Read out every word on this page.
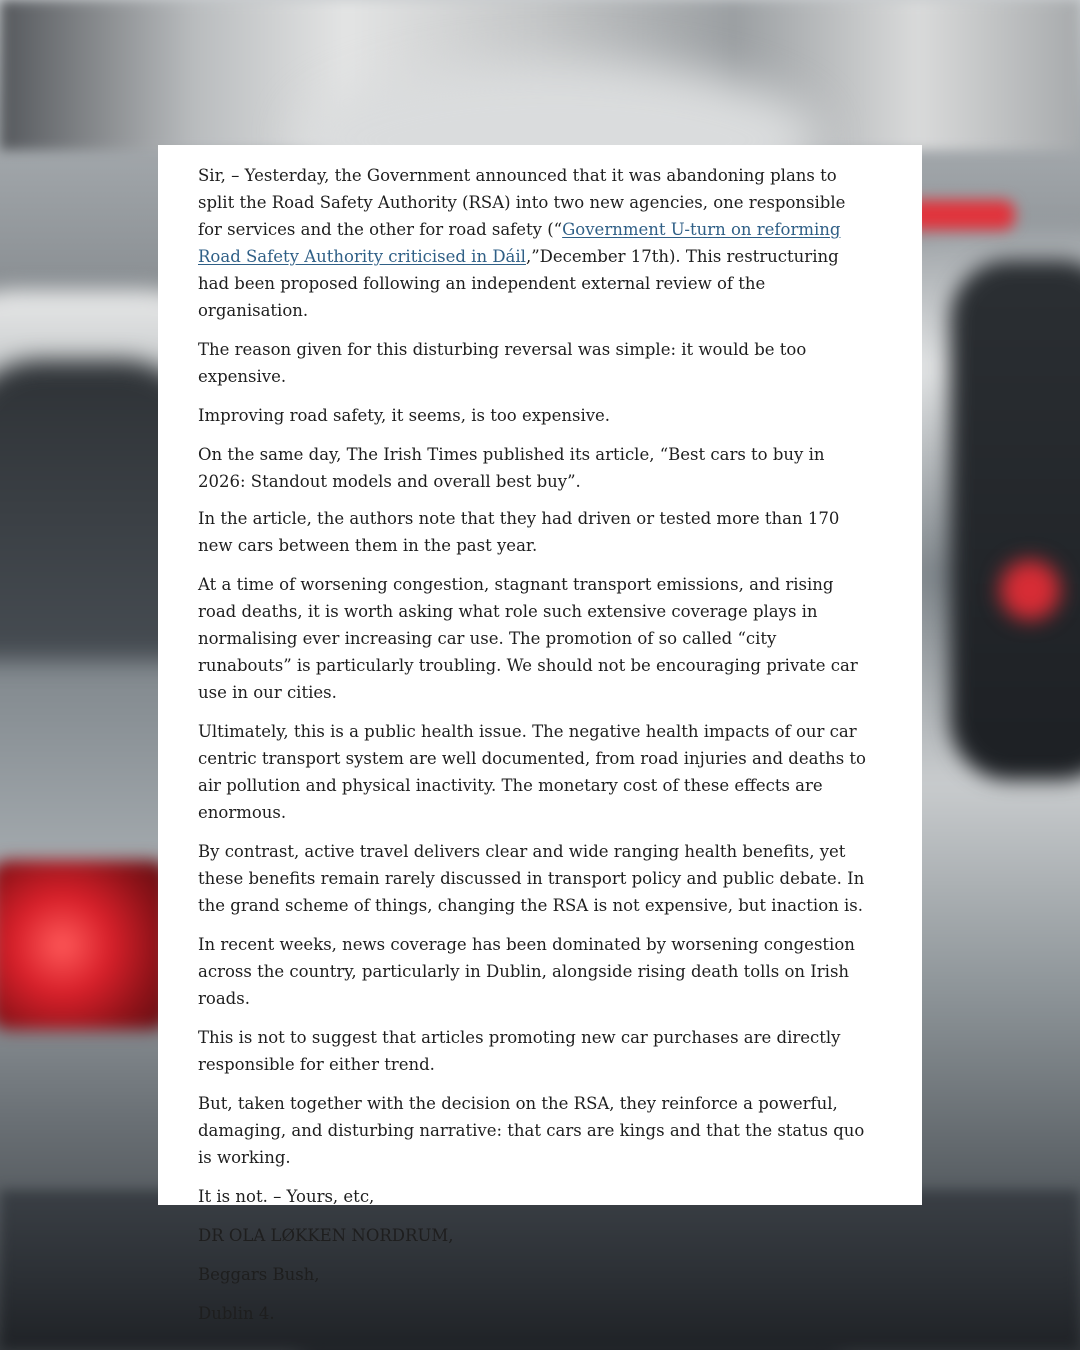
Sir, – Yesterday, the Government announced that it was abandoning plans to split the Road Safety Authority (RSA) into two new agencies, one responsible for services and the other for road safety (“Government U-turn on reforming Road Safety Authority criticised in Dáil,”December 17th). This restructuring had been proposed following an independent external review of the organisation.

The reason given for this disturbing reversal was simple: it would be too expensive.

Improving road safety, it seems, is too expensive.

On the same day, The Irish Times published its article, “Best cars to buy in 2026: Standout models and overall best buy”.

In the article, the authors note that they had driven or tested more than 170 new cars between them in the past year.

At a time of worsening congestion, stagnant transport emissions, and rising road deaths, it is worth asking what role such extensive coverage plays in normalising ever increasing car use. The promotion of so called “city runabouts” is particularly troubling. We should not be encouraging private car use in our cities.

Ultimately, this is a public health issue. The negative health impacts of our car centric transport system are well documented, from road injuries and deaths to air pollution and physical inactivity. The monetary cost of these effects are enormous.

By contrast, active travel delivers clear and wide ranging health benefits, yet these benefits remain rarely discussed in transport policy and public debate. In the grand scheme of things, changing the RSA is not expensive, but inaction is.

In recent weeks, news coverage has been dominated by worsening congestion across the country, particularly in Dublin, alongside rising death tolls on Irish roads.

This is not to suggest that articles promoting new car purchases are directly responsible for either trend.

But, taken together with the decision on the RSA, they reinforce a powerful, damaging, and disturbing narrative: that cars are kings and that the status quo is working.

It is not. – Yours, etc,

DR OLA LØKKEN NORDRUM,

Beggars Bush,

Dublin 4.
